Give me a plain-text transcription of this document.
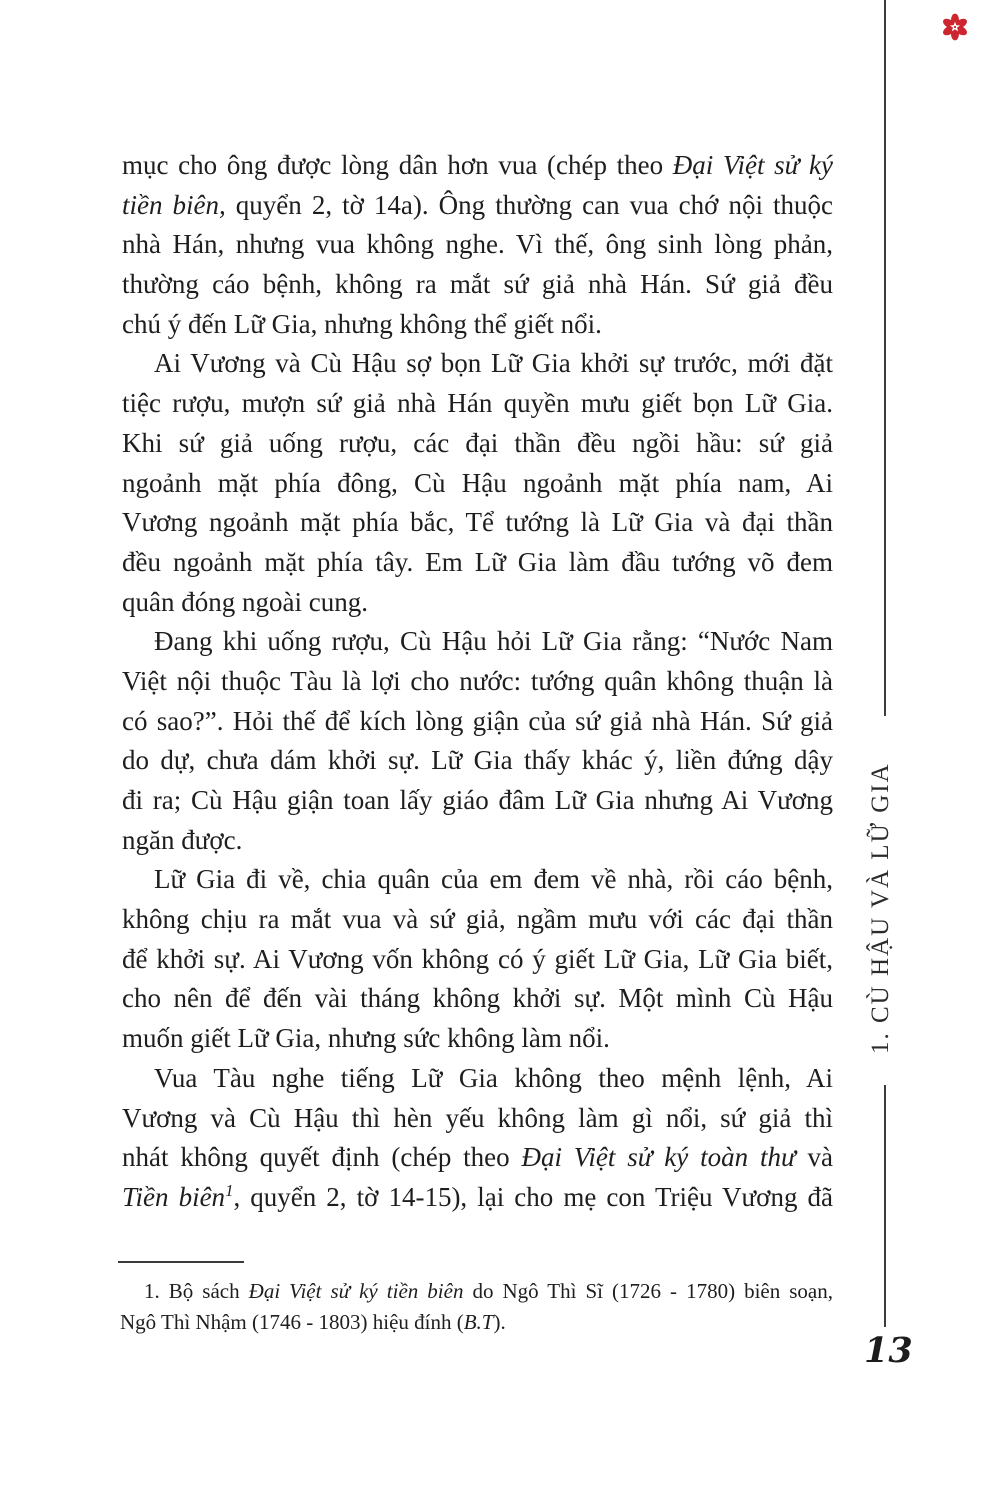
1. CÙ HẬU VÀ LỮ GIA
13
mục cho ông được lòng dân hơn vua (chép theo Đại Việt sử ký
tiền biên, quyển 2, tờ 14a). Ông thường can vua chớ nội thuộc
nhà Hán, nhưng vua không nghe. Vì thế, ông sinh lòng phản,
thường cáo bệnh, không ra mắt sứ giả nhà Hán. Sứ giả đều
chú ý đến Lữ Gia, nhưng không thể giết nổi.
Ai Vương và Cù Hậu sợ bọn Lữ Gia khởi sự trước, mới đặt
tiệc rượu, mượn sứ giả nhà Hán quyền mưu giết bọn Lữ Gia.
Khi sứ giả uống rượu, các đại thần đều ngồi hầu: sứ giả
ngoảnh mặt phía đông, Cù Hậu ngoảnh mặt phía nam, Ai
Vương ngoảnh mặt phía bắc, Tể tướng là Lữ Gia và đại thần
đều ngoảnh mặt phía tây. Em Lữ Gia làm đầu tướng võ đem
quân đóng ngoài cung.
Đang khi uống rượu, Cù Hậu hỏi Lữ Gia rằng: “Nước Nam
Việt nội thuộc Tàu là lợi cho nước: tướng quân không thuận là
có sao?”. Hỏi thế để kích lòng giận của sứ giả nhà Hán. Sứ giả
do dự, chưa dám khởi sự. Lữ Gia thấy khác ý, liền đứng dậy
đi ra; Cù Hậu giận toan lấy giáo đâm Lữ Gia nhưng Ai Vương
ngăn được.
Lữ Gia đi về, chia quân của em đem về nhà, rồi cáo bệnh,
không chịu ra mắt vua và sứ giả, ngầm mưu với các đại thần
để khởi sự. Ai Vương vốn không có ý giết Lữ Gia, Lữ Gia biết,
cho nên để đến vài tháng không khởi sự. Một mình Cù Hậu
muốn giết Lữ Gia, nhưng sức không làm nổi.
Vua Tàu nghe tiếng Lữ Gia không theo mệnh lệnh, Ai
Vương và Cù Hậu thì hèn yếu không làm gì nổi, sứ giả thì
nhát không quyết định (chép theo Đại Việt sử ký toàn thư và
Tiền biên$^1$, quyển 2, tờ 14-15), lại cho mẹ con Triệu Vương đã
1. Bộ sách Đại Việt sử ký tiền biên do Ngô Thì Sĩ (1726 - 1780) biên soạn,
Ngô Thì Nhậm (1746 - 1803) hiệu đính (B.T).
